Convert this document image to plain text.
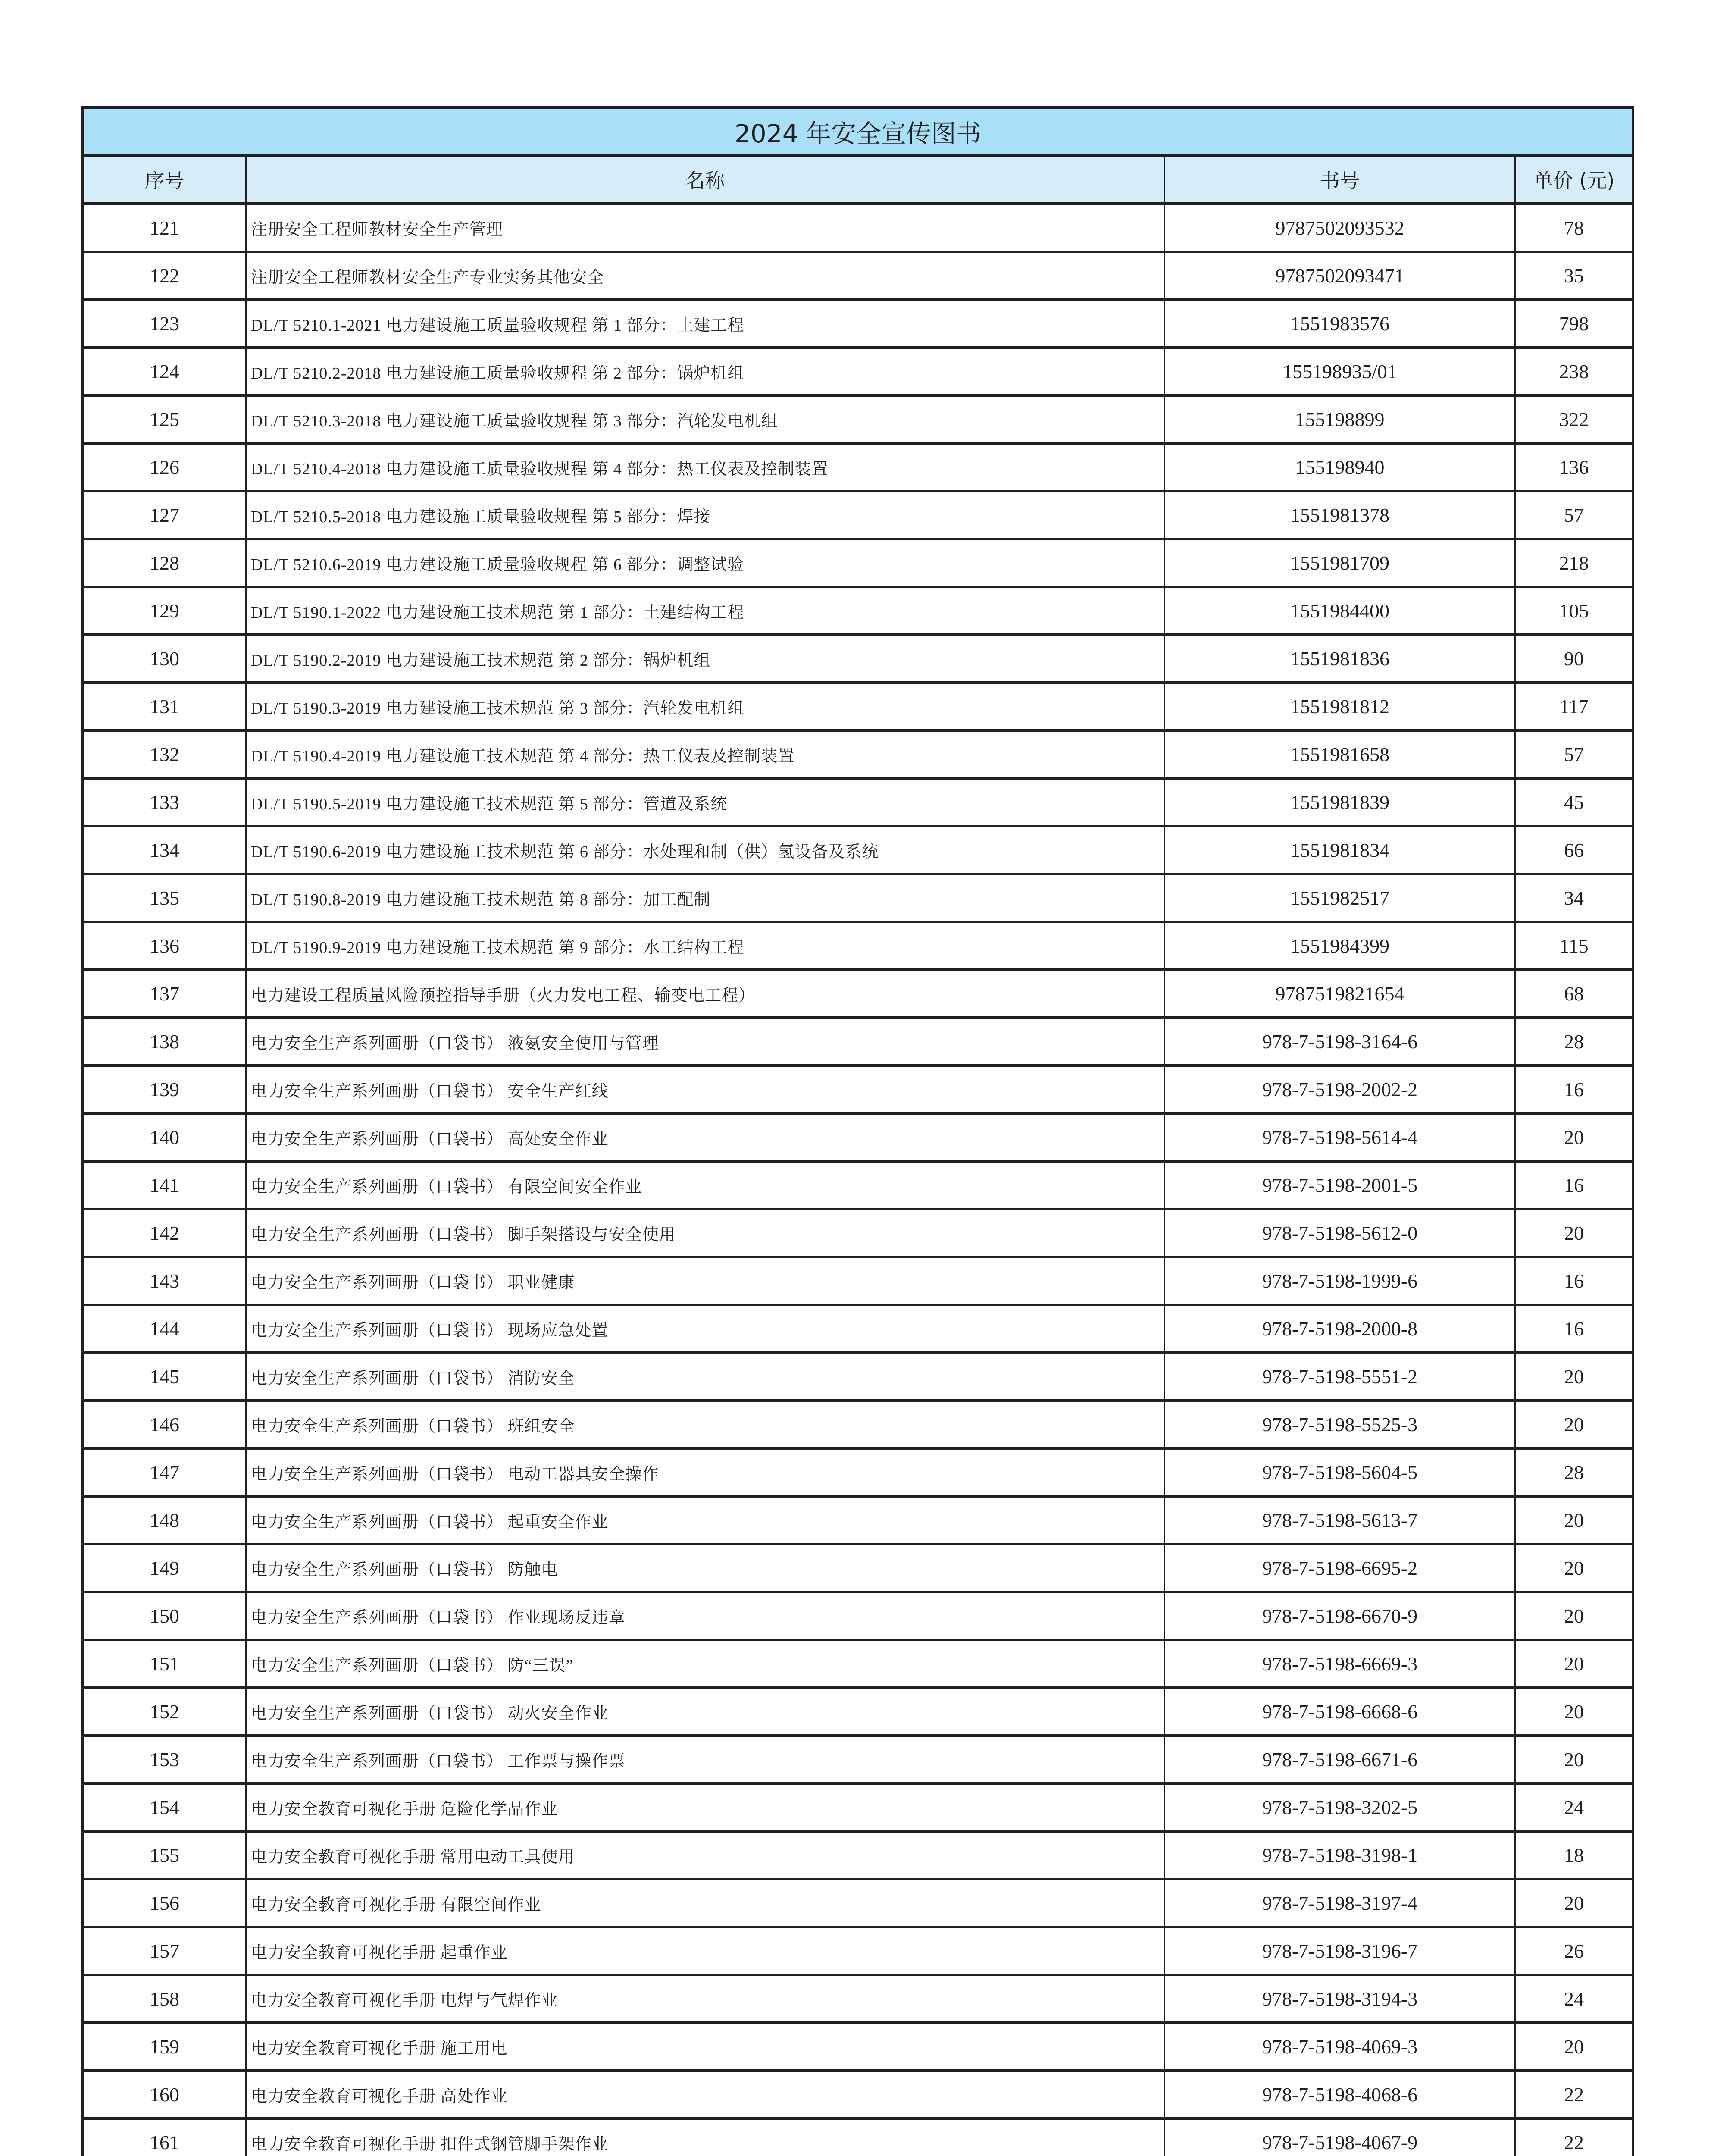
2024 年安全宣传图书			
序号	名称	书号	单价 (元)
121	注册安全工程师教材安全生产管理	9787502093532	78
122	注册安全工程师教材安全生产专业实务其他安全	9787502093471	35
123	DL/T 5210.1-2021 电力建设施工质量验收规程 第 1 部分：土建工程	1551983576	798
124	DL/T 5210.2-2018 电力建设施工质量验收规程 第 2 部分：锅炉机组	155198935/01	238
125	DL/T 5210.3-2018 电力建设施工质量验收规程 第 3 部分：汽轮发电机组	155198899	322
126	DL/T 5210.4-2018 电力建设施工质量验收规程 第 4 部分：热工仪表及控制装置	155198940	136
127	DL/T 5210.5-2018 电力建设施工质量验收规程 第 5 部分：焊接	1551981378	57
128	DL/T 5210.6-2019 电力建设施工质量验收规程 第 6 部分：调整试验	1551981709	218
129	DL/T 5190.1-2022 电力建设施工技术规范 第 1 部分：土建结构工程	1551984400	105
130	DL/T 5190.2-2019 电力建设施工技术规范 第 2 部分：锅炉机组	1551981836	90
131	DL/T 5190.3-2019 电力建设施工技术规范 第 3 部分：汽轮发电机组	1551981812	117
132	DL/T 5190.4-2019 电力建设施工技术规范 第 4 部分：热工仪表及控制装置	1551981658	57
133	DL/T 5190.5-2019 电力建设施工技术规范 第 5 部分：管道及系统	1551981839	45
134	DL/T 5190.6-2019 电力建设施工技术规范 第 6 部分：水处理和制（供）氢设备及系统	1551981834	66
135	DL/T 5190.8-2019 电力建设施工技术规范 第 8 部分：加工配制	1551982517	34
136	DL/T 5190.9-2019 电力建设施工技术规范 第 9 部分：水工结构工程	1551984399	115
137	电力建设工程质量风险预控指导手册（火力发电工程、输变电工程）	9787519821654	68
138	电力安全生产系列画册（口袋书） 液氨安全使用与管理	978-7-5198-3164-6	28
139	电力安全生产系列画册（口袋书） 安全生产红线	978-7-5198-2002-2	16
140	电力安全生产系列画册（口袋书） 高处安全作业	978-7-5198-5614-4	20
141	电力安全生产系列画册（口袋书） 有限空间安全作业	978-7-5198-2001-5	16
142	电力安全生产系列画册（口袋书） 脚手架搭设与安全使用	978-7-5198-5612-0	20
143	电力安全生产系列画册（口袋书） 职业健康	978-7-5198-1999-6	16
144	电力安全生产系列画册（口袋书） 现场应急处置	978-7-5198-2000-8	16
145	电力安全生产系列画册（口袋书） 消防安全	978-7-5198-5551-2	20
146	电力安全生产系列画册（口袋书） 班组安全	978-7-5198-5525-3	20
147	电力安全生产系列画册（口袋书） 电动工器具安全操作	978-7-5198-5604-5	28
148	电力安全生产系列画册（口袋书） 起重安全作业	978-7-5198-5613-7	20
149	电力安全生产系列画册（口袋书） 防触电	978-7-5198-6695-2	20
150	电力安全生产系列画册（口袋书） 作业现场反违章	978-7-5198-6670-9	20
151	电力安全生产系列画册（口袋书） 防“三误”	978-7-5198-6669-3	20
152	电力安全生产系列画册（口袋书） 动火安全作业	978-7-5198-6668-6	20
153	电力安全生产系列画册（口袋书） 工作票与操作票	978-7-5198-6671-6	20
154	电力安全教育可视化手册 危险化学品作业	978-7-5198-3202-5	24
155	电力安全教育可视化手册 常用电动工具使用	978-7-5198-3198-1	18
156	电力安全教育可视化手册 有限空间作业	978-7-5198-3197-4	20
157	电力安全教育可视化手册 起重作业	978-7-5198-3196-7	26
158	电力安全教育可视化手册 电焊与气焊作业	978-7-5198-3194-3	24
159	电力安全教育可视化手册 施工用电	978-7-5198-4069-3	20
160	电力安全教育可视化手册 高处作业	978-7-5198-4068-6	22
161	电力安全教育可视化手册 扣件式钢管脚手架作业	978-7-5198-4067-9	22
